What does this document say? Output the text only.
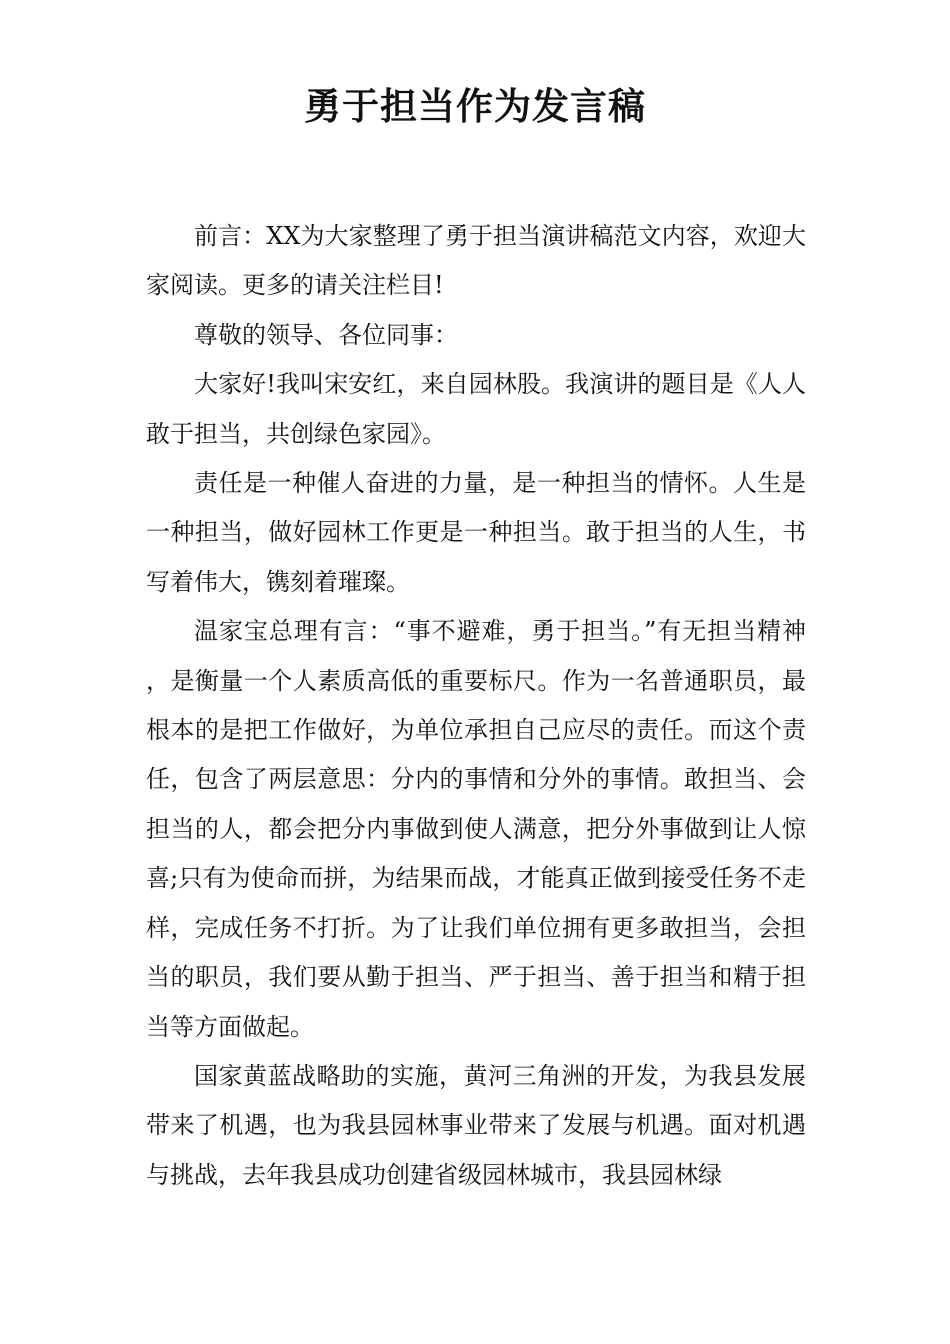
勇于担当作为发言稿

前言：XX为大家整理了勇于担当演讲稿范文内容，欢迎大家阅读。更多的请关注栏目!

尊敬的领导、各位同事：

大家好!我叫宋安红，来自园林股。我演讲的题目是《人人敢于担当，共创绿色家园》。

责任是一种催人奋进的力量，是一种担当的情怀。人生是一种担当，做好园林工作更是一种担当。敢于担当的人生，书写着伟大，镌刻着璀璨。

温家宝总理有言：“事不避难，勇于担当。”有无担当精神，是衡量一个人素质高低的重要标尺。作为一名普通职员，最根本的是把工作做好，为单位承担自己应尽的责任。而这个责任，包含了两层意思：分内的事情和分外的事情。敢担当、会担当的人，都会把分内事做到使人满意，把分外事做到让人惊喜;只有为使命而拼，为结果而战，才能真正做到接受任务不走样，完成任务不打折。为了让我们单位拥有更多敢担当，会担当的职员，我们要从勤于担当、严于担当、善于担当和精于担当等方面做起。

国家黄蓝战略助的实施，黄河三角洲的开发，为我县发展带来了机遇，也为我县园林事业带来了发展与机遇。面对机遇与挑战，去年我县成功创建省级园林城市，我县园林绿
